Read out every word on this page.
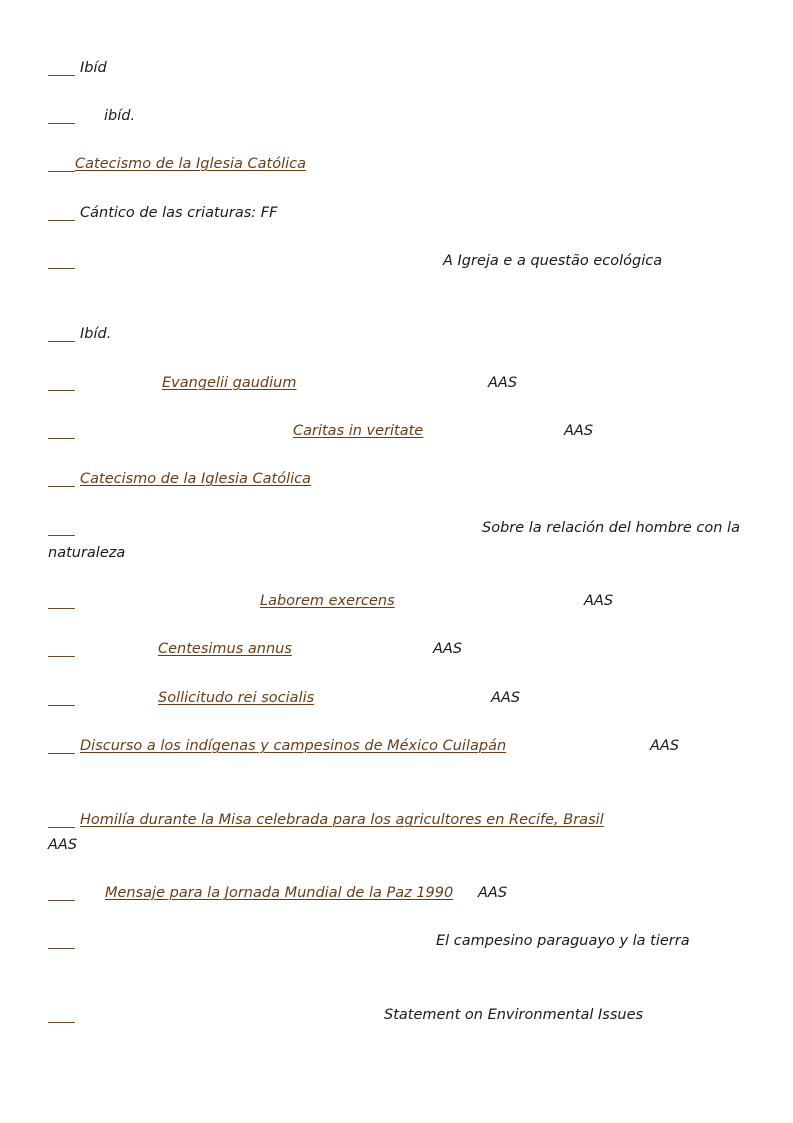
Ibíd
ibíd.
Catecismo de la Iglesia Católica
Cántico de las criaturas: FF
A Igreja e a questão ecológica
Ibíd.
Evangelii gaudium	AAS
Caritas in veritate	AAS
Catecismo de la Iglesia Católica
Sobre la relación del hombre con la
naturaleza
Laborem exercens	AAS
Centesimus annus	AAS
Sollicitudo rei socialis	AAS
Discurso a los indígenas y campesinos de México Cuilapán	AAS
Homilía durante la Misa celebrada para los agricultores en Recife, Brasil
AAS
Mensaje para la Jornada Mundial de la Paz 1990 AAS
El campesino paraguayo y la tierra
Statement on Environmental Issues
